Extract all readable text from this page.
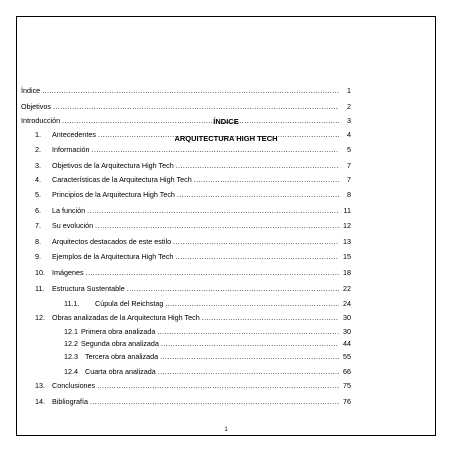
ÍNDICE
ARQUITECTURA HIGH TECH
Índice .....	1
Objetivos .....	2
Introducción .....	3
1.	Antecedentes .....	4
2.	Información .....	5
3.	Objetivos de la Arquitectura High Tech .....	7
4.	Características de la Arquitectura High Tech .....	7
5.	Principios de la Arquitectura High Tech .....	8
6.	La función .....	11
7.	Su evolución .....	12
8.	Arquitectos destacados de este estilo .....	13
9.	Ejemplos de la Arquitectura High Tech .....	15
10. Imágenes .....	18
11.	Estructura Sustentable .....	22
11.1.	Cúpula del Reichstag .....	24
12. Obras analizadas de la Arquitectura High Tech .....	30
12.1 Primera obra analizada .....	30
12.2 Segunda obra analizada .....	44
12.3 Tercera obra analizada .....	55
12.4 Cuarta obra analizada .....	66
13. Conclusiones .....	75
14. Bibliografía .....	76
1
